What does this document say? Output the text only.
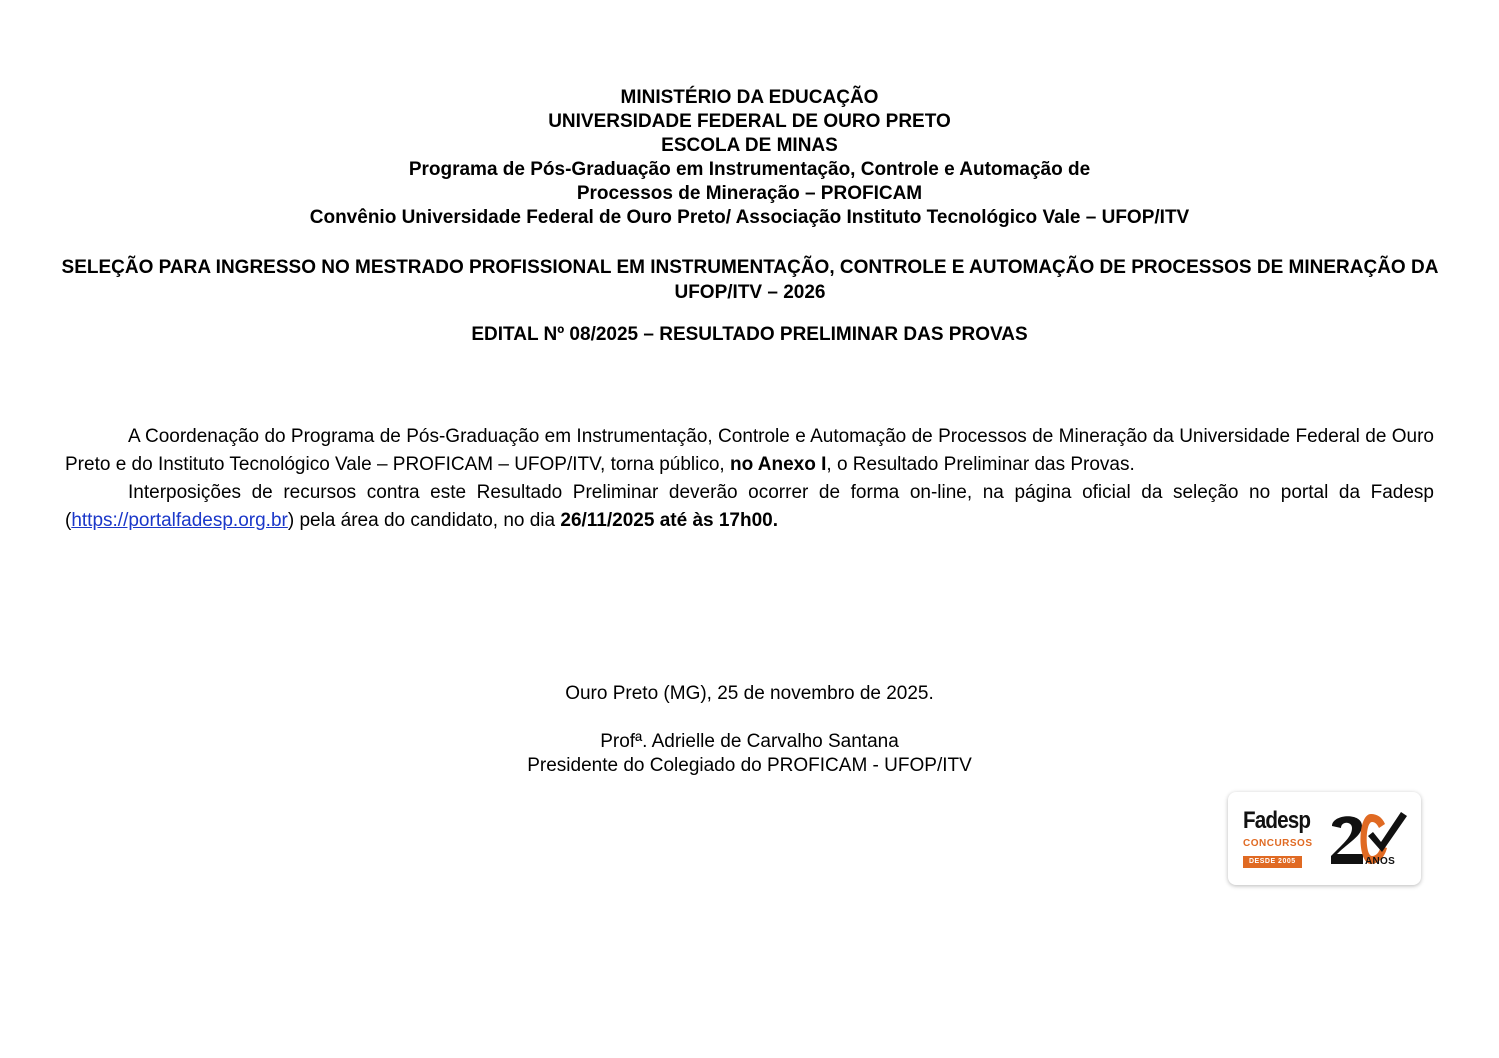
MINISTÉRIO DA EDUCAÇÃO
UNIVERSIDADE FEDERAL DE OURO PRETO
ESCOLA DE MINAS
Programa de Pós-Graduação em Instrumentação, Controle e Automação de
Processos de Mineração – PROFICAM
Convênio Universidade Federal de Ouro Preto/ Associação Instituto Tecnológico Vale – UFOP/ITV
SELEÇÃO PARA INGRESSO NO MESTRADO PROFISSIONAL EM INSTRUMENTAÇÃO, CONTROLE E AUTOMAÇÃO DE PROCESSOS DE MINERAÇÃO DA UFOP/ITV – 2026
EDITAL Nº 08/2025 – RESULTADO PRELIMINAR DAS PROVAS

A Coordenação do Programa de Pós-Graduação em Instrumentação, Controle e Automação de Processos de Mineração da Universidade Federal de Ouro Preto e do Instituto Tecnológico Vale – PROFICAM – UFOP/ITV, torna público, no Anexo I, o Resultado Preliminar das Provas.

Interposições de recursos contra este Resultado Preliminar deverão ocorrer de forma on-line, na página oficial da seleção no portal da Fadesp (https://portalfadesp.org.br) pela área do candidato, no dia 26/11/2025 até às 17h00.

Ouro Preto (MG), 25 de novembro de 2025.
Profª. Adrielle de Carvalho Santana
Presidente do Colegiado do PROFICAM - UFOP/ITV
Fadesp
CONCURSOS
DESDE 2005	ANOS
